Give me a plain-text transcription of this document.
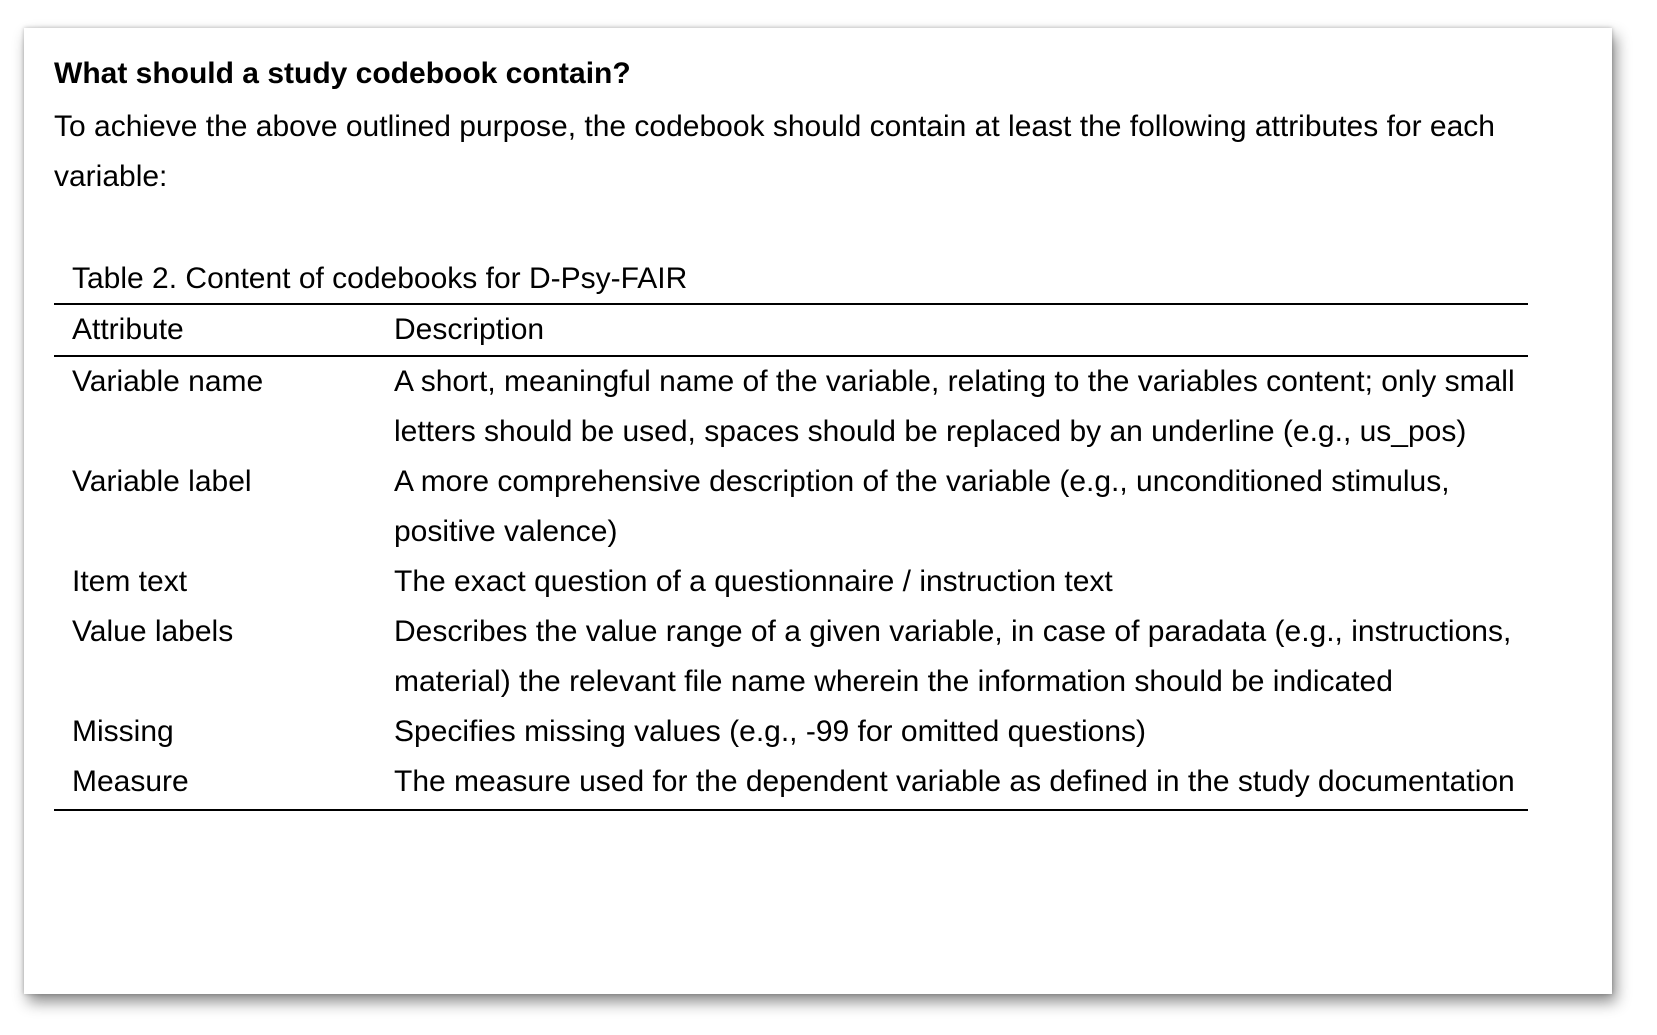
What should a study codebook contain?

To achieve the above outlined purpose, the codebook should contain at least the following attributes for each variable:

Table 2. Content of codebooks for D-Psy-FAIR

Attribute	Description
Variable name	A short, meaningful name of the variable, relating to the variables content; only small letters should be used, spaces should be replaced by an underline (e.g., us_pos)
Variable label	A more comprehensive description of the variable (e.g., unconditioned stimulus, positive valence)
Item text	The exact question of a questionnaire / instruction text
Value labels	Describes the value range of a given variable, in case of paradata (e.g., instructions, material) the relevant file name wherein the information should be indicated
Missing	Specifies missing values (e.g., -99 for omitted questions)
Measure	The measure used for the dependent variable as defined in the study documentation
